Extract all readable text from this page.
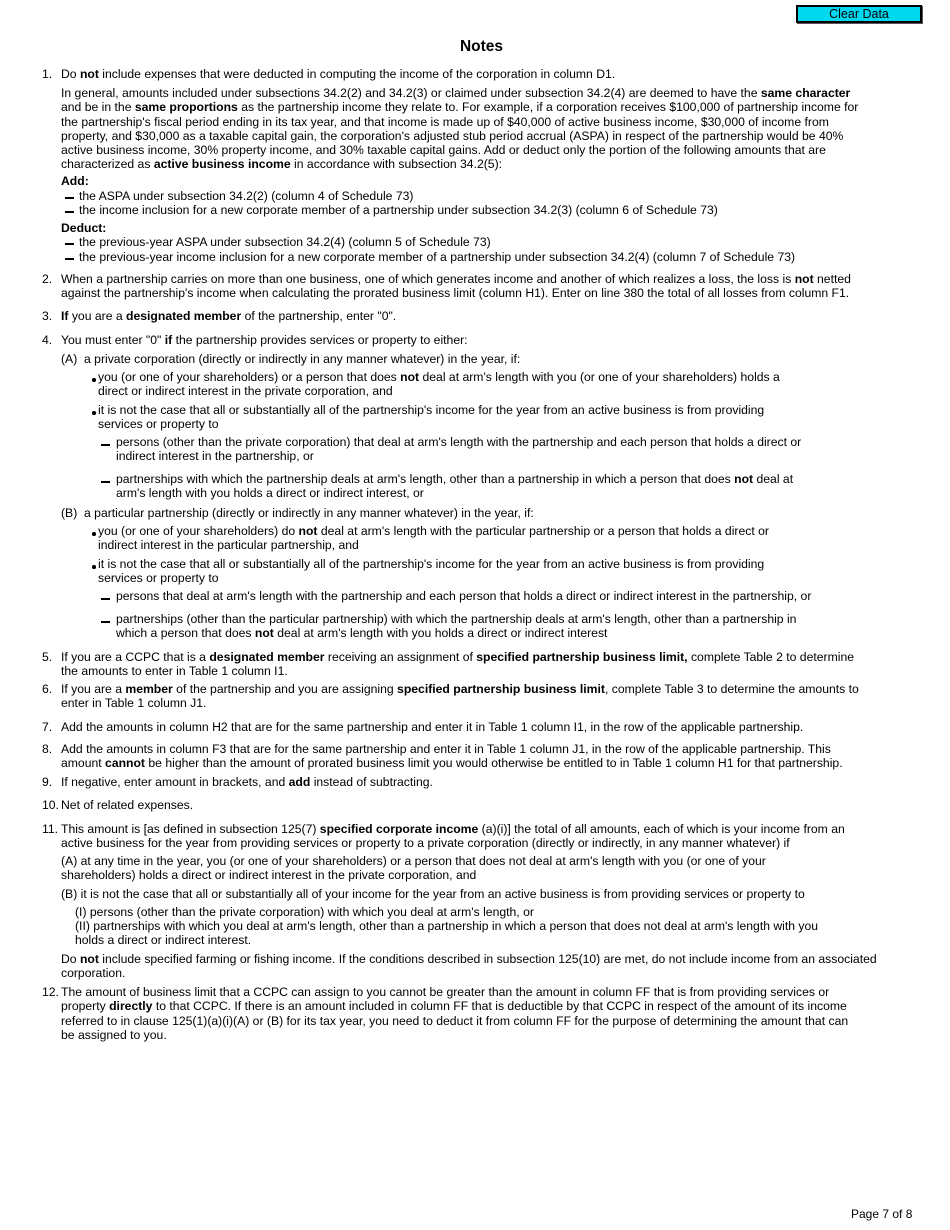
Clear Data
Notes
1. Do not include expenses that were deducted in computing the income of the corporation in column D1.
In general, amounts included under subsections 34.2(2) and 34.2(3) or claimed under subsection 34.2(4) are deemed to have the same character
and be in the same proportions as the partnership income they relate to. For example, if a corporation receives $100,000 of partnership income for
the partnership's fiscal period ending in its tax year, and that income is made up of $40,000 of active business income, $30,000 of income from
property, and $30,000 as a taxable capital gain, the corporation's adjusted stub period accrual (ASPA) in respect of the partnership would be 40%
active business income, 30% property income, and 30% taxable capital gains. Add or deduct only the portion of the following amounts that are
characterized as active business income in accordance with subsection 34.2(5):
Add:
the ASPA under subsection 34.2(2) (column 4 of Schedule 73)
the income inclusion for a new corporate member of a partnership under subsection 34.2(3) (column 6 of Schedule 73)
Deduct:
the previous-year ASPA under subsection 34.2(4) (column 5 of Schedule 73)
the previous-year income inclusion for a new corporate member of a partnership under subsection 34.2(4) (column 7 of Schedule 73)
2. When a partnership carries on more than one business, one of which generates income and another of which realizes a loss, the loss is not netted
against the partnership's income when calculating the prorated business limit (column H1). Enter on line 380 the total of all losses from column F1.
3. If you are a designated member of the partnership, enter "0".
4. You must enter "0" if the partnership provides services or property to either:
(A) a private corporation (directly or indirectly in any manner whatever) in the year, if:
you (or one of your shareholders) or a person that does not deal at arm's length with you (or one of your shareholders) holds a
direct or indirect interest in the private corporation, and
it is not the case that all or substantially all of the partnership's income for the year from an active business is from providing
services or property to
persons (other than the private corporation) that deal at arm's length with the partnership and each person that holds a direct or
indirect interest in the partnership, or
partnerships with which the partnership deals at arm's length, other than a partnership in which a person that does not deal at
arm's length with you holds a direct or indirect interest, or
(B) a particular partnership (directly or indirectly in any manner whatever) in the year, if:
you (or one of your shareholders) do not deal at arm's length with the particular partnership or a person that holds a direct or
indirect interest in the particular partnership, and
it is not the case that all or substantially all of the partnership's income for the year from an active business is from providing
services or property to
persons that deal at arm's length with the partnership and each person that holds a direct or indirect interest in the partnership, or
partnerships (other than the particular partnership) with which the partnership deals at arm's length, other than a partnership in
which a person that does not deal at arm's length with you holds a direct or indirect interest
5. If you are a CCPC that is a designated member receiving an assignment of specified partnership business limit, complete Table 2 to determine
the amounts to enter in Table 1 column I1.
6. If you are a member of the partnership and you are assigning specified partnership business limit, complete Table 3 to determine the amounts to
enter in Table 1 column J1.
7. Add the amounts in column H2 that are for the same partnership and enter it in Table 1 column I1, in the row of the applicable partnership.
8. Add the amounts in column F3 that are for the same partnership and enter it in Table 1 column J1, in the row of the applicable partnership. This
amount cannot be higher than the amount of prorated business limit you would otherwise be entitled to in Table 1 column H1 for that partnership.
9. If negative, enter amount in brackets, and add instead of subtracting.
10. Net of related expenses.
11. This amount is [as defined in subsection 125(7) specified corporate income (a)(i)] the total of all amounts, each of which is your income from an
active business for the year from providing services or property to a private corporation (directly or indirectly, in any manner whatever) if
(A) at any time in the year, you (or one of your shareholders) or a person that does not deal at arm's length with you (or one of your
shareholders) holds a direct or indirect interest in the private corporation, and
(B) it is not the case that all or substantially all of your income for the year from an active business is from providing services or property to
(I) persons (other than the private corporation) with which you deal at arm's length, or
(II) partnerships with which you deal at arm's length, other than a partnership in which a person that does not deal at arm's length with you
holds a direct or indirect interest.
Do not include specified farming or fishing income. If the conditions described in subsection 125(10) are met, do not include income from an associated
corporation.
12. The amount of business limit that a CCPC can assign to you cannot be greater than the amount in column FF that is from providing services or
property directly to that CCPC. If there is an amount included in column FF that is deductible by that CCPC in respect of the amount of its income
referred to in clause 125(1)(a)(i)(A) or (B) for its tax year, you need to deduct it from column FF for the purpose of determining the amount that can
be assigned to you.
Page 7 of 8
